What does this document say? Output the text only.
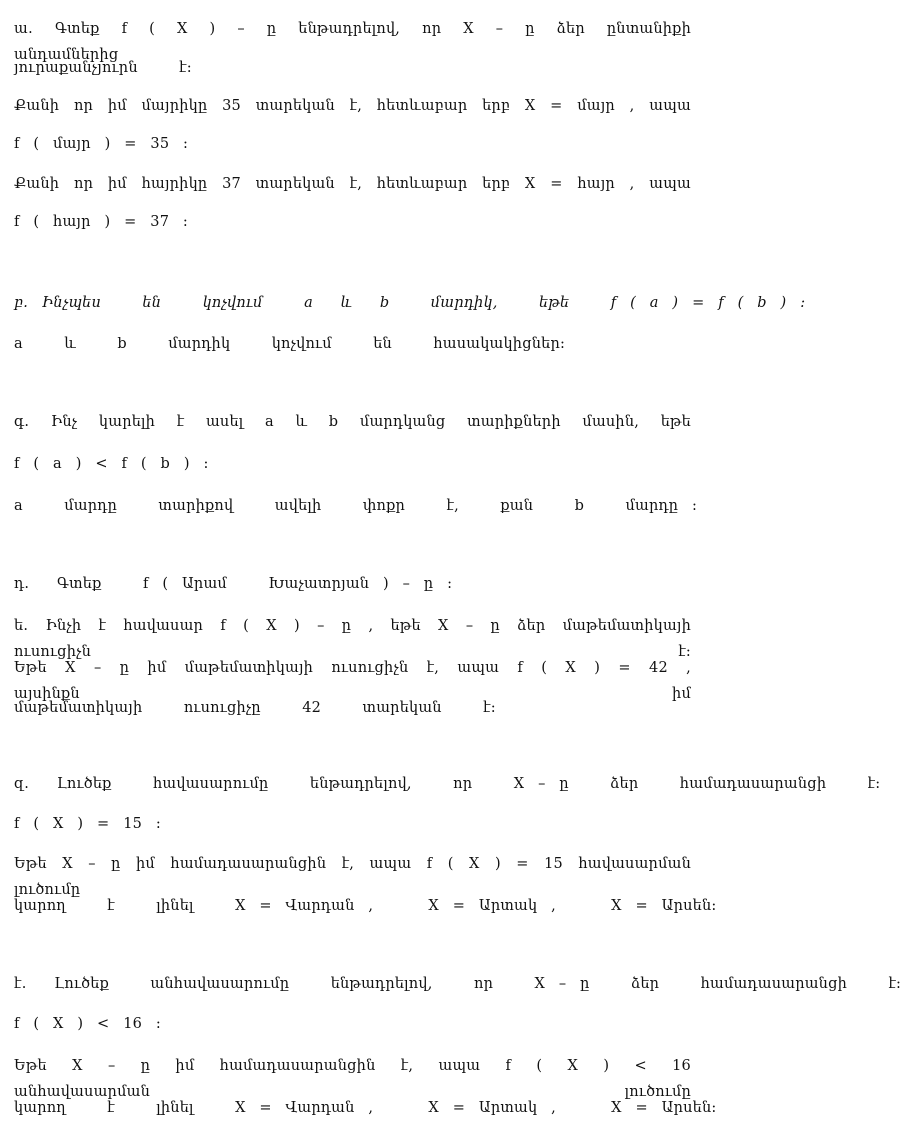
ա․ Գտեք f ( X ) – ը ենթադրելով, որ X – ը ձեր ընտանիքի անդամներից
յուրաքանչյուրն   է:
Քանի որ իմ մայրիկը 35 տարեկան է, հետևաբար երբ X = մայր , ապա
f ( մայր ) = 35 :
Քանի որ իմ հայրիկը 37 տարեկան է, հետևաբար երբ X = հայր , ապա
f ( հայր ) = 37 :
բ․ Ինչպես   են   կոչվում   a  և  b   մարդիկ,   եթե   f ( a ) = f ( b ) :
a   և   b   մարդիկ   կոչվում   են   հասակակիցներ:
գ․ Ինչ կարելի է ասել a և b մարդկանց տարիքների մասին, եթե
f ( a ) < f ( b ) :
a   մարդը   տարիքով   ավելի   փոքր   է,   քան   b   մարդը :
դ․  Գտեք   f ( Արամ   Խաչատրյան ) – ը :
ե․ Ինչի է հավասար f ( X ) – ը , եթե X – ը ձեր մաթեմատիկայի ուսուցիչն է:
Եթե X – ը իմ մաթեմատիկայի ուսուցիչն է, ապա f ( X ) = 42 , այսինքն իմ
մաթեմատիկայի   ուսուցիչը   42   տարեկան   է:
զ․  Լուծեք   հավասարումը   ենթադրելով,   որ   X – ը   ձեր   համադասարանցի   է:
f ( X ) = 15 :
Եթե X – ը իմ համադասարանցին է, ապա f ( X ) = 15 հավասարման լուծումը
կարող   է   լինել   X = Վարդան ,    X = Արտակ ,    X = Արսեն:
է․  Լուծեք   անհավասարումը   ենթադրելով,   որ   X – ը   ձեր   համադասարանցի   է:
f ( X ) < 16 :
Եթե X – ը իմ համադասարանցին է, ապա f ( X ) < 16 անհավասարման լուծումը
կարող   է   լինել   X = Վարդան ,    X = Արտակ ,    X = Արսեն:
